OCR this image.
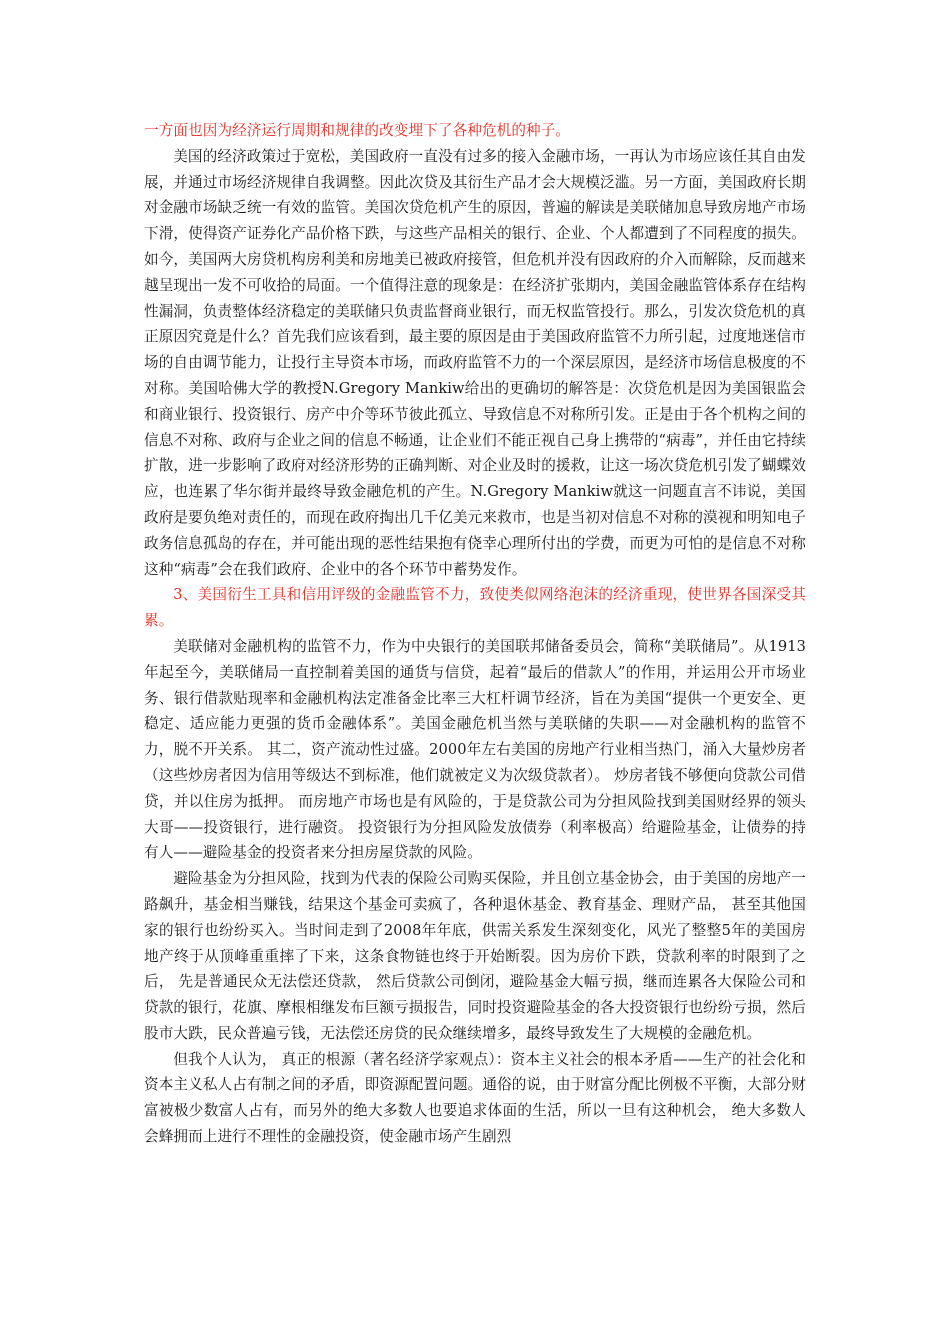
一方面也因为经济运行周期和规律的改变埋下了各种危机的种子。

美国的经济政策过于宽松，美国政府一直没有过多的接入金融市场，一再认为市场应该任其自由发展，并通过市场经济规律自我调整。因此次贷及其衍生产品才会大规模泛滥。另一方面，美国政府长期对金融市场缺乏统一有效的监管。美国次贷危机产生的原因，普遍的解读是美联储加息导致房地产市场下滑，使得资产证券化产品价格下跌，与这些产品相关的银行、企业、个人都遭到了不同程度的损失。如今，美国两大房贷机构房利美和房地美已被政府接管，但危机并没有因政府的介入而解除，反而越来越呈现出一发不可收拾的局面。一个值得注意的现象是：在经济扩张期内，美国金融监管体系存在结构性漏洞，负责整体经济稳定的美联储只负责监督商业银行，而无权监管投行。那么，引发次贷危机的真正原因究竟是什么？首先我们应该看到，最主要的原因是由于美国政府监管不力所引起，过度地迷信市场的自由调节能力，让投行主导资本市场，而政府监管不力的一个深层原因，是经济市场信息极度的不对称。美国哈佛大学的教授N.Gregory Mankiw给出的更确切的解答是：次贷危机是因为美国银监会和商业银行、投资银行、房产中介等环节彼此孤立、导致信息不对称所引发。正是由于各个机构之间的信息不对称、政府与企业之间的信息不畅通，让企业们不能正视自己身上携带的“病毒”，并任由它持续扩散，进一步影响了政府对经济形势的正确判断、对企业及时的援救，让这一场次贷危机引发了蝴蝶效应，也连累了华尔街并最终导致金融危机的产生。N.Gregory Mankiw就这一问题直言不讳说，美国政府是要负绝对责任的，而现在政府掏出几千亿美元来救市，也是当初对信息不对称的漠视和明知电子政务信息孤岛的存在，并可能出现的恶性结果抱有侥幸心理所付出的学费，而更为可怕的是信息不对称这种“病毒”会在我们政府、企业中的各个环节中蓄势发作。

3、美国衍生工具和信用评级的金融监管不力，致使类似网络泡沫的经济重现，使世界各国深受其累。

美联储对金融机构的监管不力，作为中央银行的美国联邦储备委员会，简称“美联储局”。从1913年起至今，美联储局一直控制着美国的通货与信贷，起着“最后的借款人”的作用，并运用公开市场业务、银行借款贴现率和金融机构法定准备金比率三大杠杆调节经济，旨在为美国“提供一个更安全、更稳定、适应能力更强的货币金融体系”。美国金融危机当然与美联储的失职——对金融机构的监管不力，脱不开关系。 其二，资产流动性过盛。2000年左右美国的房地产行业相当热门，涌入大量炒房者（这些炒房者因为信用等级达不到标准，他们就被定义为次级贷款者）。 炒房者钱不够便向贷款公司借贷，并以住房为抵押。 而房地产市场也是有风险的，于是贷款公司为分担风险找到美国财经界的领头大哥——投资银行，进行融资。 投资银行为分担风险发放债券（利率极高）给避险基金，让债券的持有人——避险基金的投资者来分担房屋贷款的风险。

避险基金为分担风险，找到为代表的保险公司购买保险，并且创立基金协会，由于美国的房地产一路飙升，基金相当赚钱，结果这个基金可卖疯了，各种退休基金、教育基金、理财产品， 甚至其他国家的银行也纷纷买入。当时间走到了2008年年底，供需关系发生深刻变化，风光了整整5年的美国房地产终于从顶峰重重摔了下来，这条食物链也终于开始断裂。因为房价下跌，贷款利率的时限到了之后， 先是普通民众无法偿还贷款， 然后贷款公司倒闭，避险基金大幅亏损，继而连累各大保险公司和贷款的银行，花旗、摩根相继发布巨额亏损报告，同时投资避险基金的各大投资银行也纷纷亏损，然后股市大跌，民众普遍亏钱，无法偿还房贷的民众继续增多，最终导致发生了大规模的金融危机。

但我个人认为， 真正的根源（著名经济学家观点）：资本主义社会的根本矛盾——生产的社会化和资本主义私人占有制之间的矛盾，即资源配置问题。通俗的说，由于财富分配比例极不平衡，大部分财富被极少数富人占有，而另外的绝大多数人也要追求体面的生活，所以一旦有这种机会， 绝大多数人会蜂拥而上进行不理性的金融投资，使金融市场产生剧烈
